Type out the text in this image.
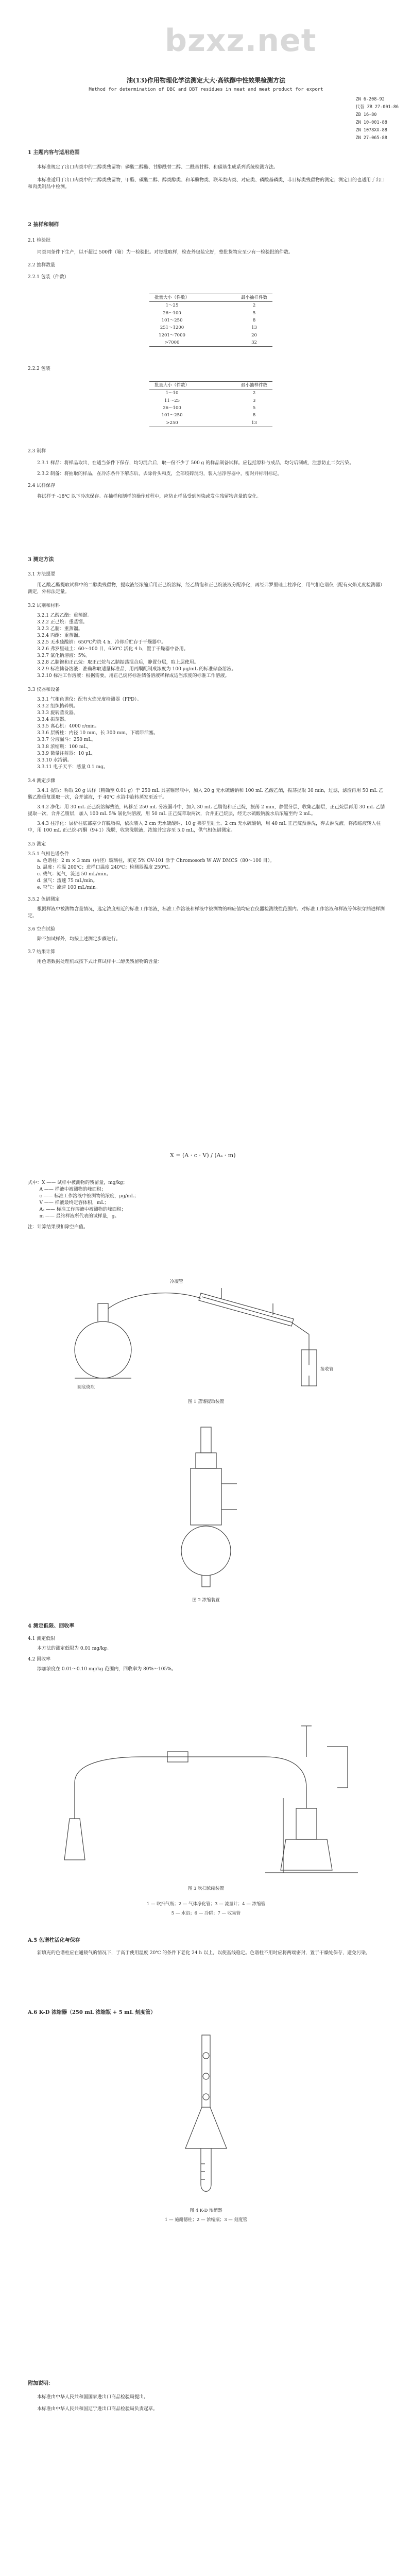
bzxz.net
油(13)作用物理化学法测定大大·高铁醇中性效果检测方法
Method for determination of DBC and DBT residues in meat and meat product for export
ZN 6-208-92
代替 ZB 27-001-86
ZB 16-80
ZN 10-001-88
ZN 1078XX-88
ZN 27-065-88

1 主题内容与适用范围

本标准规定了出口肉类中的二醇类残留物：磷酸二醇酯、甘醇酰替二醇、二酰基甘醇、和碳基生成系列系统检测方法。

本标准适用于出口肉类中的二醇类残留物，甲醛、碳酸二醇、醇类醇类、和苯酚物类、联苯类肉类、对应类、磷酸基磷类，非目标类残留物的测定；测定目的也适用于出口和肉类制品中检测。

2 抽样和制样

2.1 检验批

同类同条件下生产，以不超过 500件（箱）为一检验批。对每批取样，检查外包装完好，整批货物应至少有一检验批的件数。

2.2 抽样数量

2.2.1 包装（件数）

批量大小（件数）	最小抽样件数
1～25	2
26～100	5
101～250	8
251～1200	13
1201～7000	20
>7000	32

2.2.2 包装

批量大小（件数）	最小抽样件数
1～10	2
11～25	3
26～100	5
101～250	8
>250	13

2.3 制样

2.3.1 样品：将样品取出，在适当条件下保存，均匀混合后，取一份不少于 500 g 的样品制备试样。应包括原料与成品，均匀后制成，注意防止二次污染。

2.3.2 制备：将抽取的样品，在冷冻条件下解冻后，去除骨头和皮，全部绞碎混匀，装入洁净容器中，密封并标明标记。

2.4 试样保存

将试样于 -18℃ 以下冷冻保存。在抽样和制样的操作过程中，应防止样品受到污染或发生残留物含量的变化。

3 测定方法

3.1 方法提要

用乙酸乙酯提取试样中的二醇类残留物，提取液经浓缩后用正己烷溶解，经乙腈饱和正己烷液液分配净化，再经弗罗里硅土柱净化，用气相色谱仪（配有火焰光度检测器）测定，外标法定量。

3.2 试剂和材料

3.2.1 乙酸乙酯：重蒸馏。

3.2.2 正己烷：重蒸馏。

3.2.3 乙腈：重蒸馏。

3.2.4 丙酮：重蒸馏。

3.2.5 无水硫酸钠：650℃灼烧 4 h，冷却后贮存于干燥器中。

3.2.6 弗罗里硅土：60～100 目，650℃ 活化 4 h，置于干燥器中备用。

3.2.7 氯化钠溶液：5%。

3.2.8 乙腈饱和正己烷：取正己烷与乙腈振荡混合后，静置分层，取上层使用。

3.2.9 标准储备溶液：准确称取适量标准品，用丙酮配制成浓度为 100 μg/mL 的标准储备溶液。

3.2.10 标准工作溶液：根据需要，用正己烷将标准储备溶液稀释成适当浓度的标准工作溶液。

3.3 仪器和设备

3.3.1 气相色谱仪：配有火焰光度检测器（FPD）。

3.3.2 组织捣碎机。

3.3.3 旋转蒸发器。

3.3.4 振荡器。

3.3.5 离心机：4000 r/min。

3.3.6 层析柱：内径 10 mm，长 300 mm，下端带活塞。

3.3.7 分液漏斗：250 mL。

3.3.8 浓缩瓶：100 mL。

3.3.9 微量注射器：10 μL。

3.3.10 水浴锅。

3.3.11 电子天平：感量 0.1 mg。

3.4 测定步骤

3.4.1 提取：称取 20 g 试样（精确至 0.01 g）于 250 mL 具塞锥形瓶中，加入 20 g 无水硫酸钠和 100 mL 乙酸乙酯，振荡提取 30 min，过滤，滤渣再用 50 mL 乙酸乙酯重复提取一次，合并滤液，于 40℃ 水浴中旋转蒸发至近干。

3.4.2 净化：用 30 mL 正己烷溶解残渣，转移至 250 mL 分液漏斗中，加入 30 mL 乙腈饱和正己烷，振荡 2 min，静置分层，收集乙腈层，正己烷层再用 30 mL 乙腈提取一次，合并乙腈层，加入 100 mL 5% 氯化钠溶液，用 50 mL 正己烷萃取两次，合并正己烷层，经无水硫酸钠脱水后浓缩至约 2 mL。

3.4.3 柱净化：层析柱底部塞少许脱脂棉，依次装入 2 cm 无水硫酸钠、10 g 弗罗里硅土、2 cm 无水硫酸钠，用 40 mL 正己烷预淋洗，弃去淋洗液。将浓缩液转入柱中，用 100 mL 正己烷-丙酮（9+1）洗脱，收集洗脱液，浓缩并定容至 5.0 mL，供气相色谱测定。

3.5 测定

3.5.1 气相色谱条件

a. 色谱柱：2 m × 3 mm（内径）玻璃柱，填充 5% OV-101 涂于 Chromosorb W AW DMCS（80～100 目）。

b. 温度：柱温 200℃；进样口温度 240℃；检测器温度 250℃。

c. 载气：氮气，流速 50 mL/min。

d. 氢气：流速 75 mL/min。

e. 空气：流速 100 mL/min。

3.5.2 色谱测定

根据样液中被测物含量情况，选定浓度相近的标准工作溶液，标准工作溶液和样液中被测物的响应值均应在仪器检测线性范围内。对标准工作溶液和样液等体积穿插进样测定。

3.6 空白试验

除不加试样外，均按上述测定步骤进行。

3.7 结果计算

用色谱数据处理机或按下式计算试样中二醇类残留物的含量：

X = (A · c · V) / (Aₛ · m)

式中：X —— 试样中被测物的残留量，mg/kg；

A —— 样液中被测物的峰面积；

c —— 标准工作溶液中被测物的浓度，μg/mL；

V —— 样液最终定容体积，mL；

Aₛ —— 标准工作溶液中被测物的峰面积；

m —— 最终样液所代表的试样量，g。

注：计算结果须扣除空白值。

冷凝管
接收管
圆底烧瓶
图 1 蒸馏提取装置
图 2 浓缩装置

4 测定低限、回收率

4.1 测定低限

本方法的测定低限为 0.01 mg/kg。

4.2 回收率

添加浓度在 0.01～0.10 mg/kg 范围内，回收率为 80%～105%。

图 3 吹扫浓缩装置
1 — 吹扫气瓶；2 — 气体净化管；3 — 流量计；4 — 浓缩管
5 — 水浴；6 — 冷阱；7 — 收集管

A.5 色谱柱活化与保存

新填充的色谱柱应在通载气的情况下，于高于使用温度 20℃ 的条件下老化 24 h 以上，以使基线稳定。色谱柱不用时应将两端密封，置于干燥处保存，避免污染。

A.6 K-D 浓缩器（250 mL 浓缩瓶 + 5 mL 刻度管）

图 4 K-D 浓缩器
1 — 施耐德柱；2 — 浓缩瓶；3 — 刻度管

附加说明：

本标准由中华人民共和国国家进出口商品检验局提出。

本标准由中华人民共和国辽宁进出口商品检验局负责起草。
